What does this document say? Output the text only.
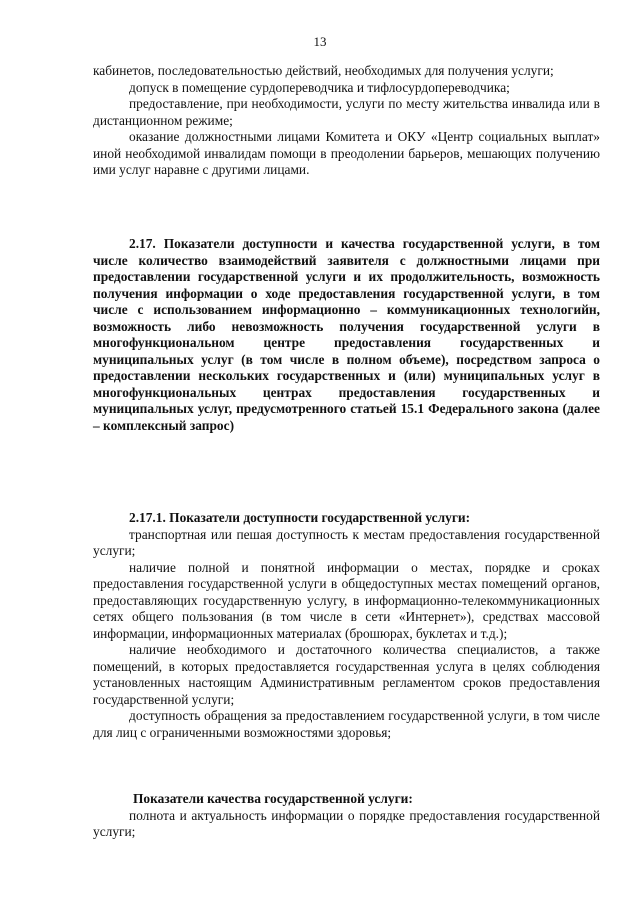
13

кабинетов, последовательностью действий, необходимых для получения услуги;

допуск в помещение сурдопереводчика и тифлосурдопереводчика;

предоставление, при необходимости, услуги по месту жительства инвалида или в дистанционном режиме;

оказание должностными лицами Комитета и ОКУ «Центр социальных выплат» иной необходимой инвалидам помощи в преодолении барьеров, мешающих получению ими услуг наравне с другими лицами.

2.17. Показатели доступности и качества государственной услуги, в том числе количество взаимодействий заявителя с должностными лицами при предоставлении государственной услуги и их продолжительность, возможность получения информации о ходе предоставления государственной услуги, в том числе с использованием информационно – коммуникационных технологийн, возможность либо невозможность получения государственной услуги в многофункциональном центре предоставления государственных и муниципальных услуг (в том числе в полном объеме), посредством запроса о предоставлении нескольких государственных и (или) муниципальных услуг в многофункциональных центрах предоставления государственных и муниципальных услуг, предусмотренного статьей 15.1 Федерального закона (далее – комплексный запрос)

2.17.1. Показатели доступности государственной услуги:

транспортная или пешая доступность к местам предоставления государственной услуги;

наличие полной и понятной информации о местах, порядке и сроках предоставления государственной услуги в общедоступных местах помещений органов, предоставляющих государственную услугу, в информационно-телекоммуникационных сетях общего пользования (в том числе в сети «Интернет»), средствах массовой информации, информационных материалах (брошюрах, буклетах и т.д.);

наличие необходимого и достаточного количества специалистов, а также помещений, в которых предоставляется государственная услуга в целях соблюдения установленных настоящим Административным регламентом сроков предоставления государственной услуги;

доступность обращения за предоставлением государственной услуги, в том числе для лиц с ограниченными возможностями здоровья;

Показатели качества государственной услуги:

полнота и актуальность информации о порядке предоставления государственной услуги;
